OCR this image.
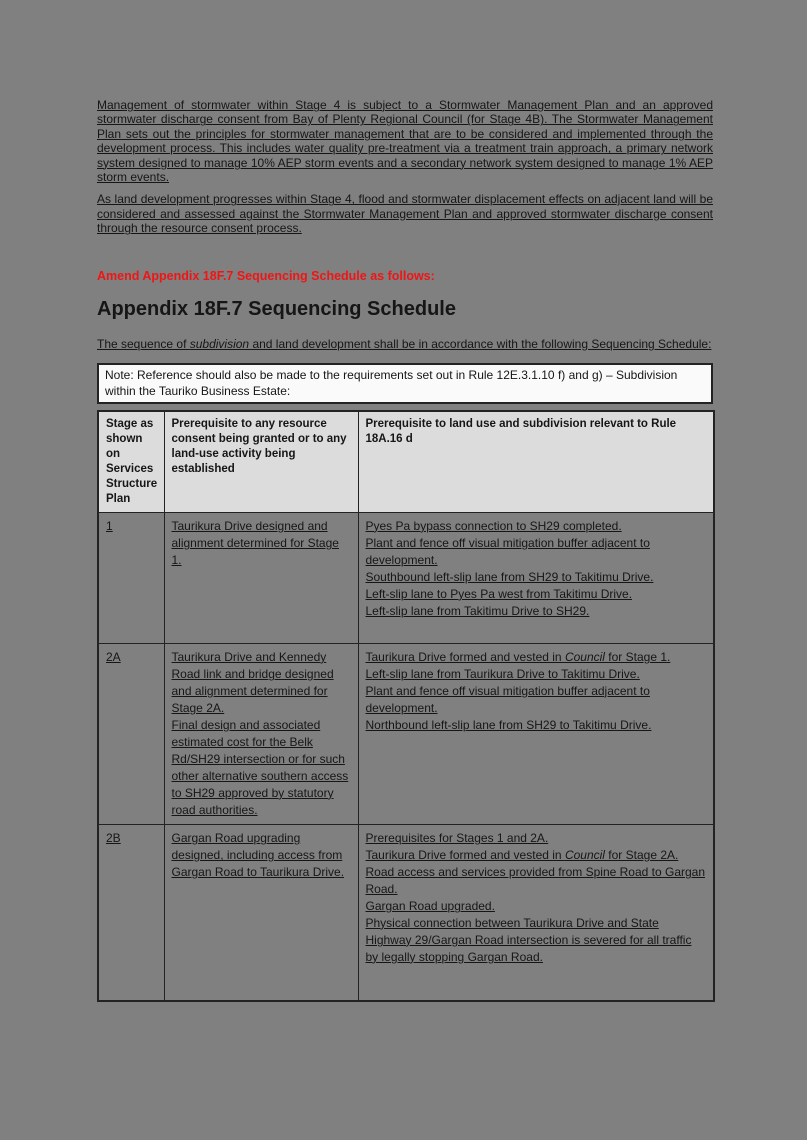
Management of stormwater within Stage 4 is subject to a Stormwater Management Plan and an approved stormwater discharge consent from Bay of Plenty Regional Council (for Stage 4B). The Stormwater Management Plan sets out the principles for stormwater management that are to be considered and implemented through the development process. This includes water quality pre-treatment via a treatment train approach, a primary network system designed to manage 10% AEP storm events and a secondary network system designed to manage 1% AEP storm events.

As land development progresses within Stage 4, flood and stormwater displacement effects on adjacent land will be considered and assessed against the Stormwater Management Plan and approved stormwater discharge consent through the resource consent process.

Amend Appendix 18F.7 Sequencing Schedule as follows:

Appendix 18F.7 Sequencing Schedule

The sequence of subdivision and land development shall be in accordance with the following Sequencing Schedule:

Note: Reference should also be made to the requirements set out in Rule 12E.3.1.10 f) and g) – Subdivision within the Tauriko Business Estate:
Stage as shown on Services Structure Plan	Prerequisite to any resource consent being granted or to any land-use activity being established	Prerequisite to land use and subdivision relevant to Rule 18A.16 d
1	Taurikura Drive designed and alignment determined for Stage 1.	Pyes Pa bypass connection to SH29 completed.
Plant and fence off visual mitigation buffer adjacent to development.
Southbound left-slip lane from SH29 to Takitimu Drive.
Left-slip lane to Pyes Pa west from Takitimu Drive.
Left-slip lane from Takitimu Drive to SH29.
2A	Taurikura Drive and Kennedy Road link and bridge designed and alignment determined for Stage 2A.
Final design and associated estimated cost for the Belk Rd/SH29 intersection or for such other alternative southern access to SH29 approved by statutory road authorities.	Taurikura Drive formed and vested in Council for Stage 1.
Left-slip lane from Taurikura Drive to Takitimu Drive.
Plant and fence off visual mitigation buffer adjacent to development.
Northbound left-slip lane from SH29 to Takitimu Drive.
2B	Gargan Road upgrading designed, including access from Gargan Road to Taurikura Drive.	Prerequisites for Stages 1 and 2A.
Taurikura Drive formed and vested in Council for Stage 2A.
Road access and services provided from Spine Road to Gargan Road.
Gargan Road upgraded.
Physical connection between Taurikura Drive and State Highway 29/Gargan Road intersection is severed for all traffic by legally stopping Gargan Road.
